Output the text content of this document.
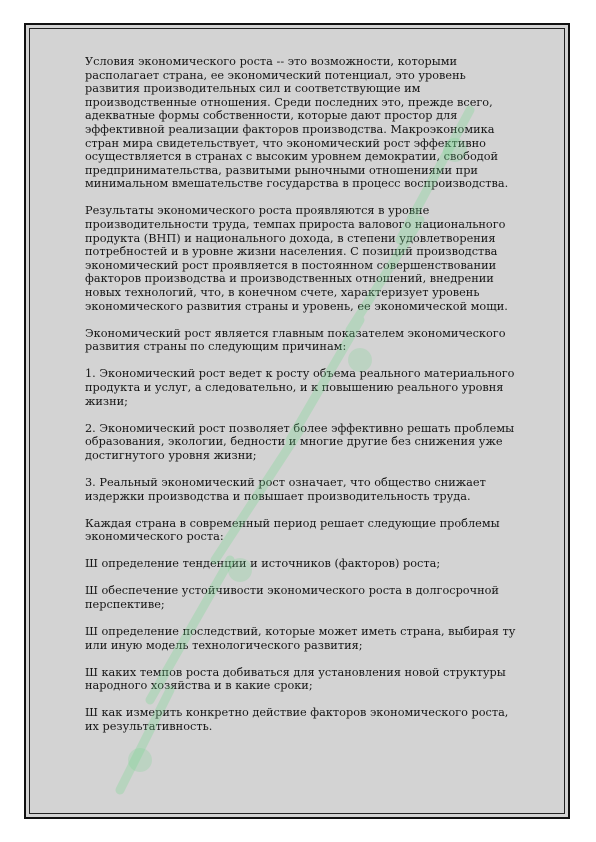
Условия экономического роста -- это возможности, которыми располагает страна, ее экономический потенциал, это уровень развития производительных сил и соответствующие им производственные отношения. Среди последних это, прежде всего, адекватные формы собственности, которые дают простор для эффективной реализации факторов производства. Макроэкономика стран мира свидетельствует, что экономический рост эффективно осуществляется в странах с высоким уровнем демократии, свободой предпринимательства, развитыми рыночными отношениями при минимальном вмешательстве государства в процесс воспроизводства.

Результаты экономического роста проявляются в уровне производительности труда, темпах прироста валового национального продукта (ВНП) и национального дохода, в степени удовлетворения потребностей и в уровне жизни населения. С позиций производства экономический рост проявляется в постоянном совершенствовании факторов производства и производственных отношений, внедрении новых технологий, что, в конечном счете, характеризует уровень экономического развития страны и уровень, ее экономической мощи.

Экономический рост является главным показателем экономического развития страны по следующим причинам:

1. Экономический рост ведет к росту объема реального материального продукта и услуг, а следовательно, и к повышению реального уровня жизни;

2. Экономический рост позволяет более эффективно решать проблемы образования, экологии, бедности и многие другие без снижения уже достигнутого уровня жизни;

3. Реальный экономический рост означает, что общество снижает издержки производства и повышает производительность труда.

Каждая страна в современный период решает следующие проблемы экономического роста:

Ш определение тенденции и источников (факторов) роста;

Ш обеспечение устойчивости экономического роста в долгосрочной перспективе;

Ш определение последствий, которые может иметь страна, выбирая ту или иную модель технологического развития;

Ш каких темпов роста добиваться для установления новой структуры народного хозяйства и в какие сроки;

Ш как измерить конкретно действие факторов экономического роста, их результативность.
